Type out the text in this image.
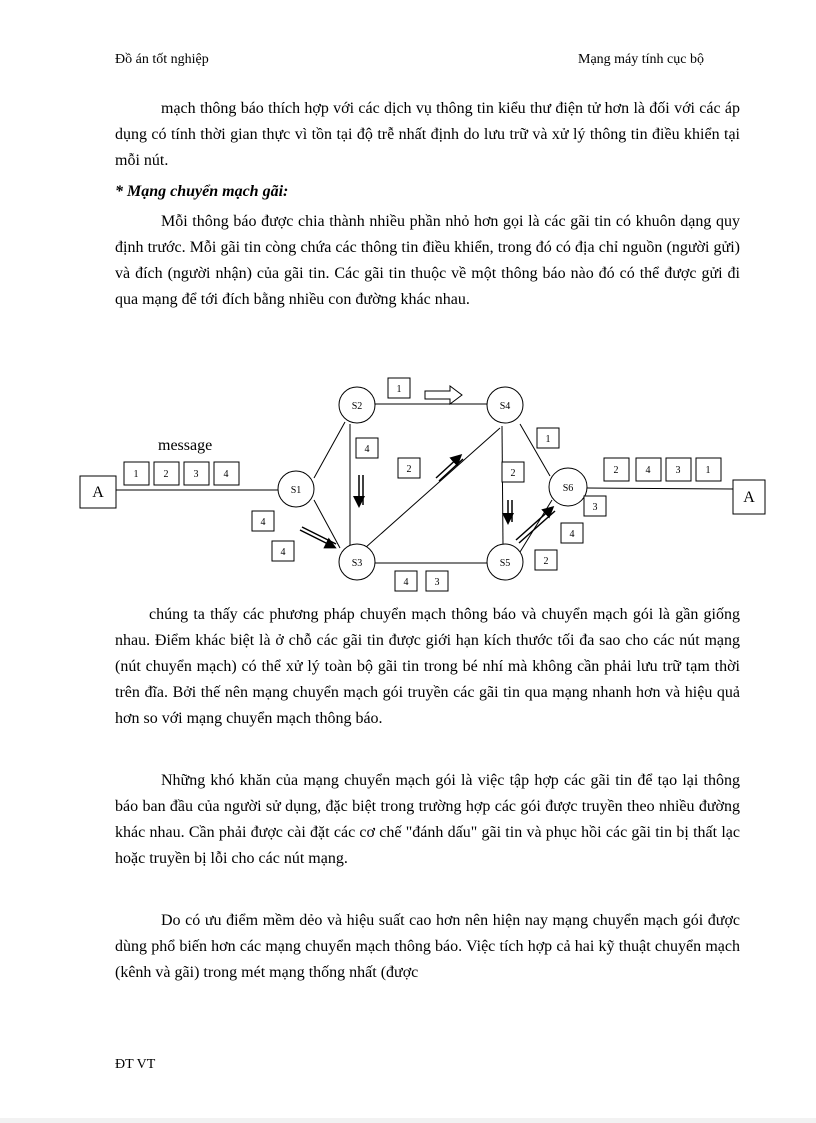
Đồ án tốt nghiệp	Mạng máy tính cục bộ

mạch thông báo thích hợp với các dịch vụ thông tin kiểu thư điện tử hơn là đối với các áp dụng có tính thời gian thực vì tồn tại độ trễ nhất định do lưu trữ và xử lý thông tin điều khiển tại mỗi nút.

* Mạng chuyển mạch gãi:

Mỗi thông báo được chia thành nhiều phần nhỏ hơn gọi là các gãi tin có khuôn dạng quy định trước. Mỗi gãi tin còng chứa các thông tin điều khiển, trong đó có địa chỉ nguồn (người gửi) và đích (người nhận) của gãi tin. Các gãi tin thuộc về một thông báo nào đó có thể được gửi đi qua mạng để tới đích bằng nhiều con đường khác nhau.

A	A
S1
S2
S3
S4
S5
S6
message
1	2	3	4	2	4	3	1
1
4
2
1
2
3
4
2
4
4
4	3

chúng ta thấy các phương pháp chuyển mạch thông báo và chuyển mạch gói là gần giống nhau. Điểm khác biệt là ở chỗ các gãi tin được giới hạn kích thước tối đa sao cho các nút mạng (nút chuyển mạch) có thể xử lý toàn bộ gãi tin trong bé nhí mà không cần phải lưu trữ tạm thời trên đĩa. Bởi thế nên mạng chuyển mạch gói truyền các gãi tin qua mạng nhanh hơn và hiệu quả hơn so với mạng chuyển mạch thông báo.

Những khó khăn của mạng chuyển mạch gói là việc tập hợp các gãi tin để tạo lại thông báo ban đầu của người sử dụng, đặc biệt trong trường hợp các gói được truyền theo nhiều đường khác nhau. Cần phải được cài đặt các cơ chế "đánh dấu" gãi tin và phục hồi các gãi tin bị thất lạc hoặc truyền bị lỗi cho các nút mạng.

Do có ưu điểm mềm dẻo và hiệu suất cao hơn nên hiện nay mạng chuyển mạch gói được dùng phổ biến hơn các mạng chuyển mạch thông báo. Việc tích hợp cả hai kỹ thuật chuyển mạch (kênh và gãi) trong mét mạng thống nhất (được

ĐT VT
